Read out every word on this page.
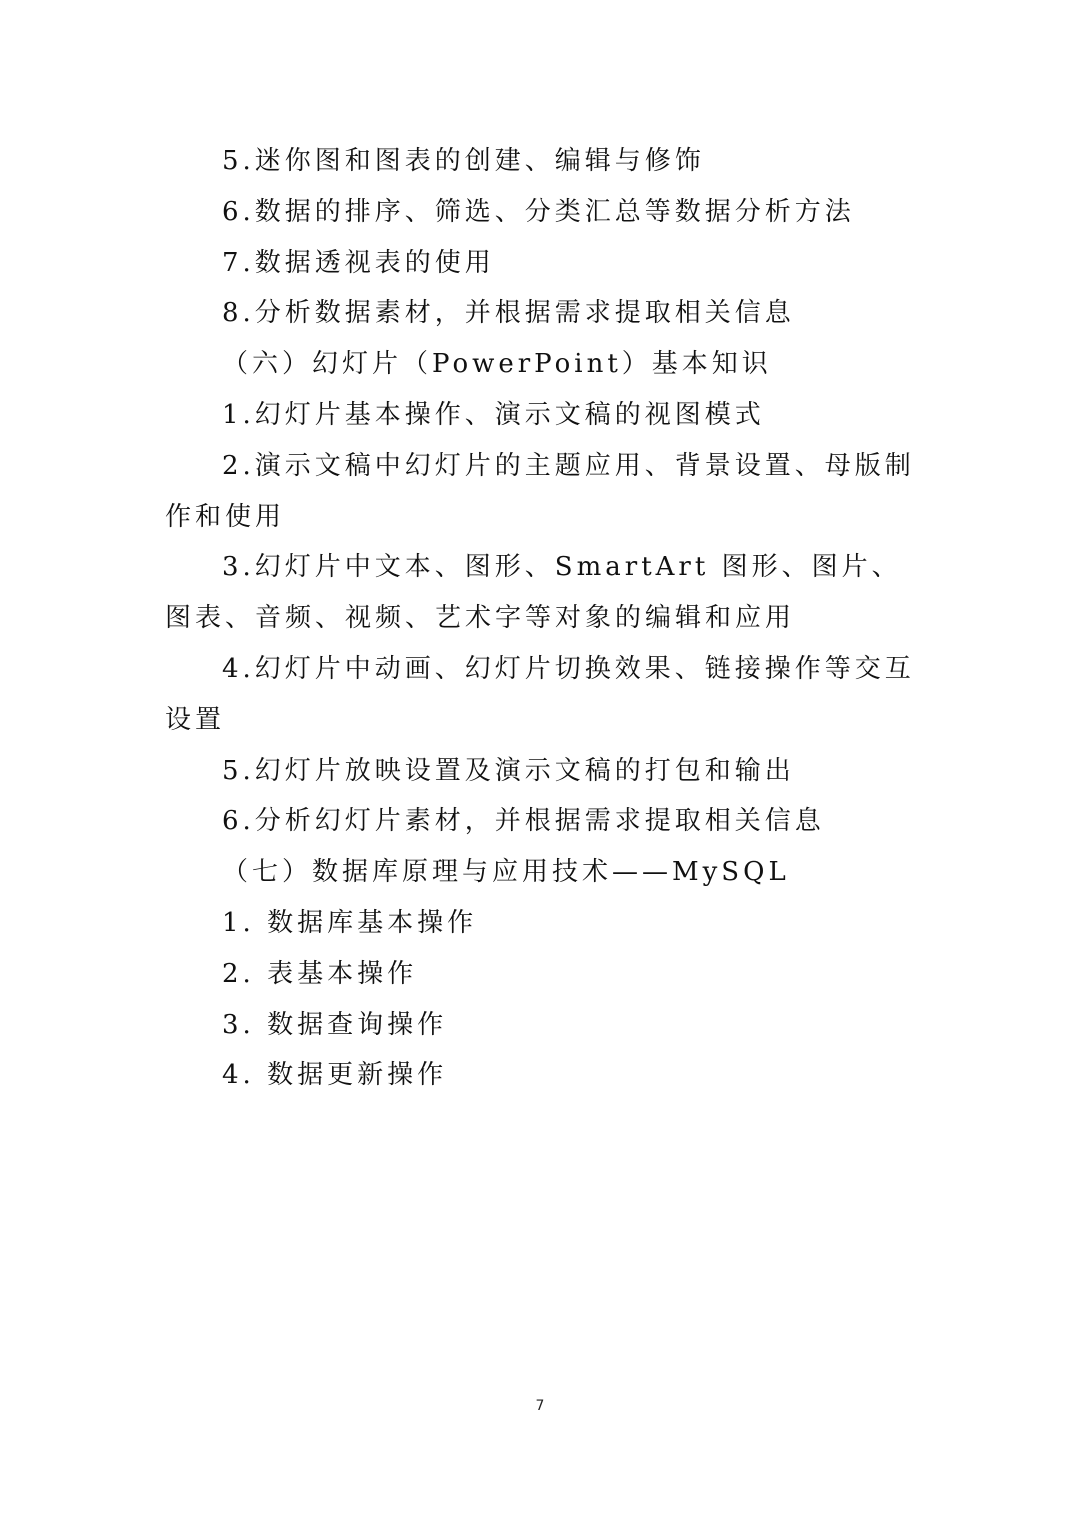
5.迷你图和图表的创建、编辑与修饰

6.数据的排序、筛选、分类汇总等数据分析方法

7.数据透视表的使用

8.分析数据素材，并根据需求提取相关信息

（六）幻灯片（PowerPoint）基本知识

1.幻灯片基本操作、演示文稿的视图模式

2.演示文稿中幻灯片的主题应用、背景设置、母版制作和使用

3.幻灯片中文本、图形、SmartArt 图形、图片、图表、音频、视频、艺术字等对象的编辑和应用

4.幻灯片中动画、幻灯片切换效果、链接操作等交互设置

5.幻灯片放映设置及演示文稿的打包和输出

6.分析幻灯片素材，并根据需求提取相关信息

（七）数据库原理与应用技术——MySQL

1. 数据库基本操作

2. 表基本操作

3. 数据查询操作

4. 数据更新操作

7
